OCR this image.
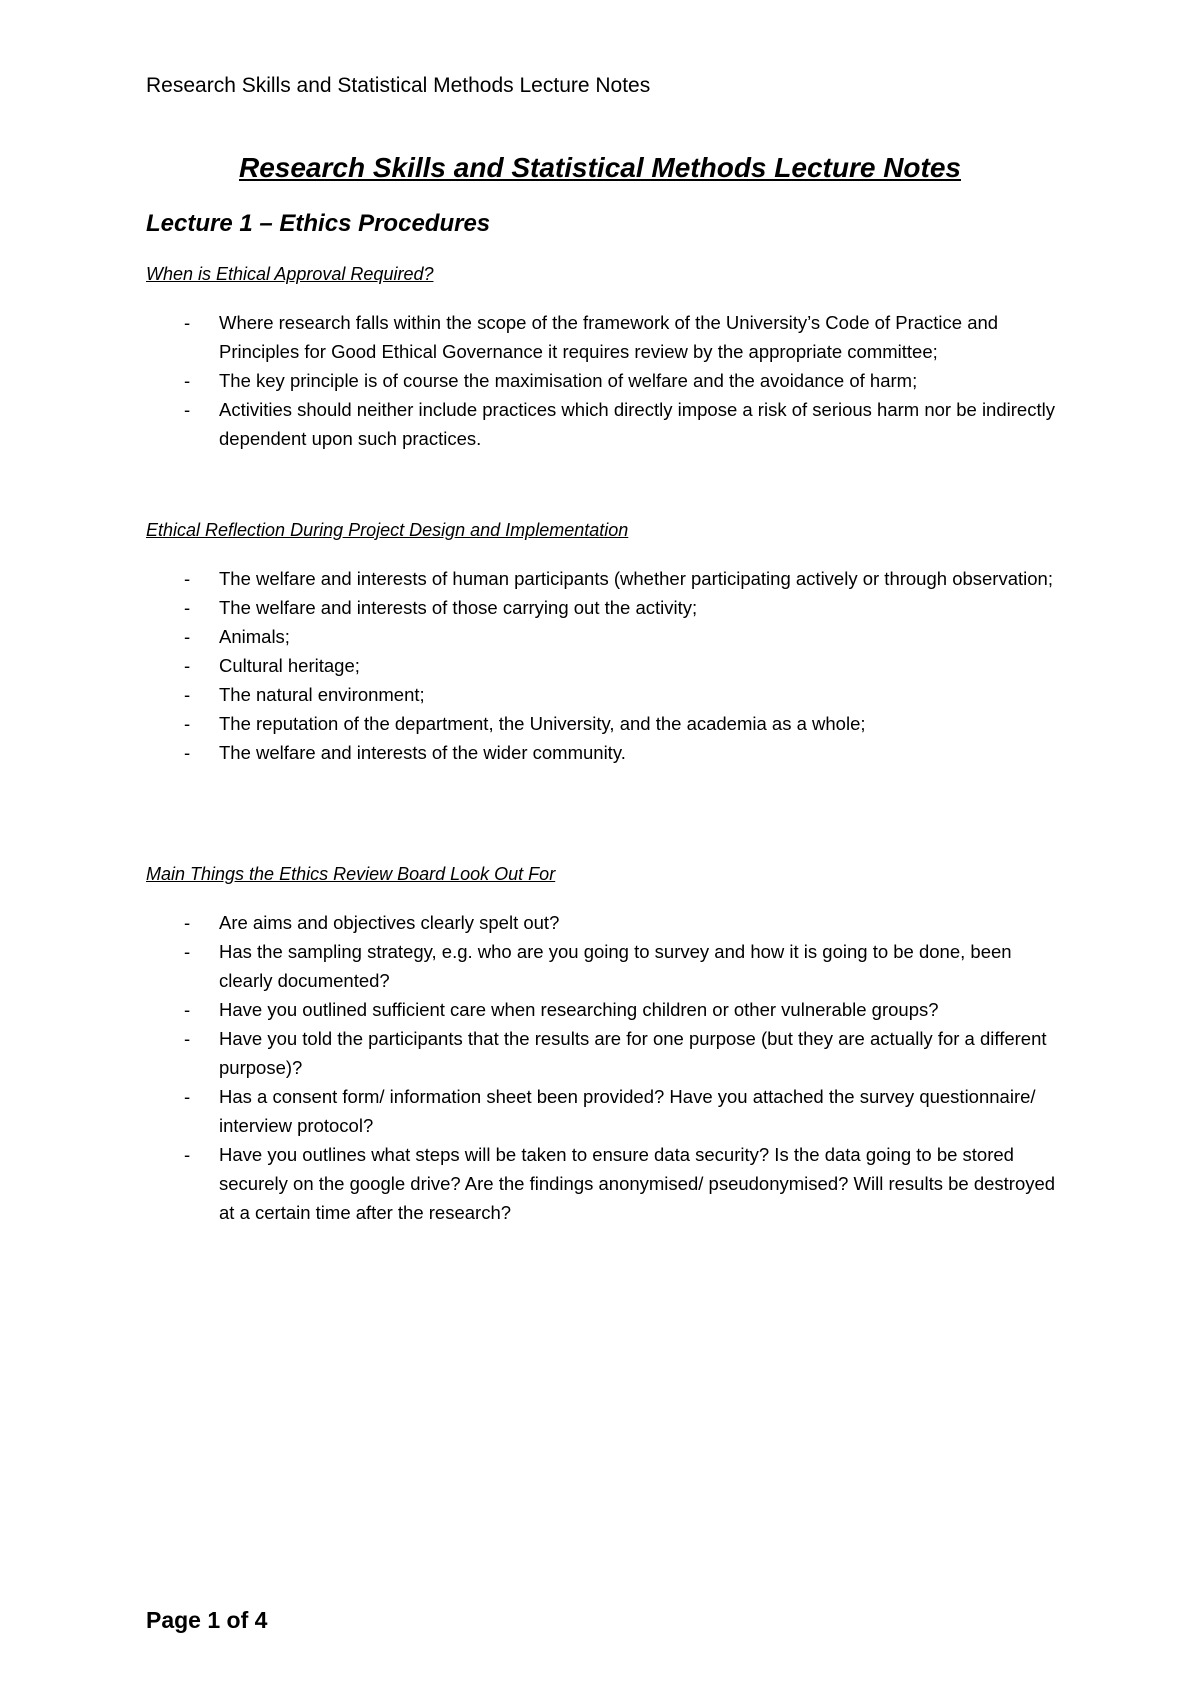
Research Skills and Statistical Methods Lecture Notes
Research Skills and Statistical Methods Lecture Notes
Lecture 1 – Ethics Procedures
When is Ethical Approval Required?
- Where research falls within the scope of the framework of the University’s Code of Practice and Principles for Good Ethical Governance it requires review by the appropriate committee;
- The key principle is of course the maximisation of welfare and the avoidance of harm;
- Activities should neither include practices which directly impose a risk of serious harm nor be indirectly dependent upon such practices.
Ethical Reflection During Project Design and Implementation
- The welfare and interests of human participants (whether participating actively or through observation;
- The welfare and interests of those carrying out the activity;
- Animals;
- Cultural heritage;
- The natural environment;
- The reputation of the department, the University, and the academia as a whole;
- The welfare and interests of the wider community.
Main Things the Ethics Review Board Look Out For
- Are aims and objectives clearly spelt out?
- Has the sampling strategy, e.g. who are you going to survey and how it is going to be done, been clearly documented?
- Have you outlined sufficient care when researching children or other vulnerable groups?
- Have you told the participants that the results are for one purpose (but they are actually for a different purpose)?
- Has a consent form/ information sheet been provided? Have you attached the survey questionnaire/ interview protocol?
- Have you outlines what steps will be taken to ensure data security? Is the data going to be stored securely on the google drive? Are the findings anonymised/ pseudonymised? Will results be destroyed at a certain time after the research?
Page 1 of 4
